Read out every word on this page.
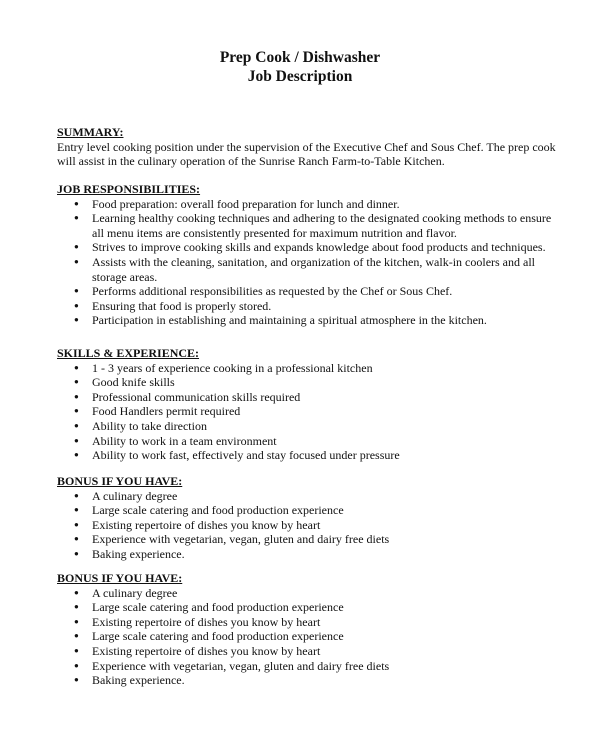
Prep Cook / Dishwasher
Job Description
SUMMARY:

Entry level cooking position under the supervision of the Executive Chef and Sous Chef. The prep cook will assist in the culinary operation of the Sunrise Ranch Farm-to-Table Kitchen.

JOB RESPONSIBILITIES:
● Food preparation: overall food preparation for lunch and dinner.
● Learning healthy cooking techniques and adhering to the designated cooking methods to ensure all menu items are consistently presented for maximum nutrition and flavor.
● Strives to improve cooking skills and expands knowledge about food products and techniques.
● Assists with the cleaning, sanitation, and organization of the kitchen, walk-in coolers and all storage areas.
● Performs additional responsibilities as requested by the Chef or Sous Chef.
● Ensuring that food is properly stored.
● Participation in establishing and maintaining a spiritual atmosphere in the kitchen.
SKILLS & EXPERIENCE:
● 1 - 3 years of experience cooking in a professional kitchen
● Good knife skills
● Professional communication skills required
● Food Handlers permit required
● Ability to take direction
● Ability to work in a team environment
● Ability to work fast, effectively and stay focused under pressure
BONUS IF YOU HAVE:
● A culinary degree
● Large scale catering and food production experience
● Existing repertoire of dishes you know by heart
● Experience with vegetarian, vegan, gluten and dairy free diets
● Baking experience.
BONUS IF YOU HAVE:
● A culinary degree
● Large scale catering and food production experience
● Existing repertoire of dishes you know by heart
● Large scale catering and food production experience
● Existing repertoire of dishes you know by heart
● Experience with vegetarian, vegan, gluten and dairy free diets
● Baking experience.
